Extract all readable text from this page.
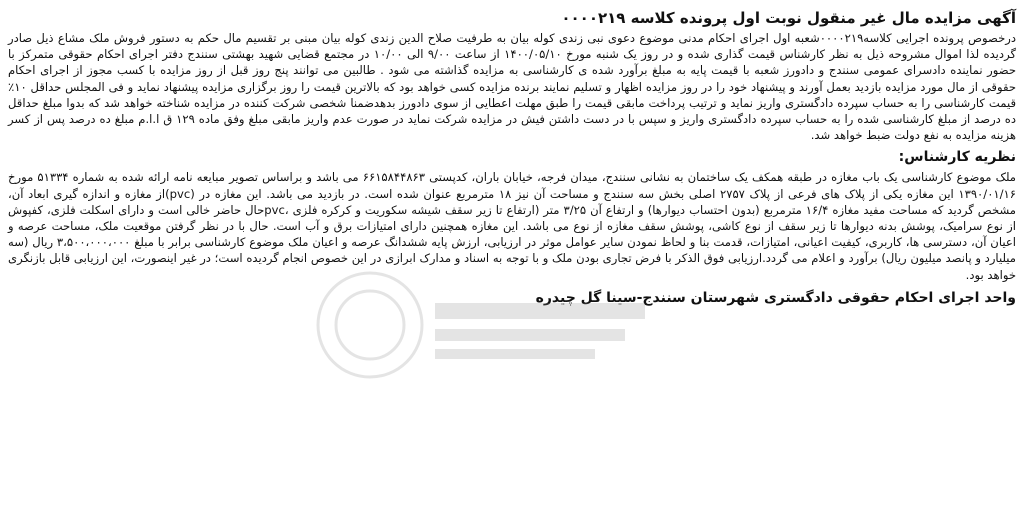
آگهی مزایده مال غیر منقول نوبت اول پرونده کلاسه ۰۰۰۰۲۱۹

درخصوص پرونده اجرایی کلاسه۰۰۰۰۲۱۹شعبه اول اجرای احکام مدنی موضوع دعوی نبی زندی کوله بیان به طرفیت صلاح الدین زندی کوله بیان مبنی بر تقسیم مال حکم به دستور فروش ملک مشاع ذیل صادر گردیده لذا اموال مشروحه ذیل به نظر کارشناس قیمت گذاری شده و در روز یک شنبه مورخ ۱۴۰۰/۰۵/۱۰ از ساعت ۹/۰۰ الی ۱۰/۰۰ در مجتمع قضایی شهید بهشتی سنندج دفتر اجرای احکام حقوقی متمرکز با حضور نماینده دادسرای عمومی سنندج و دادورز شعبه با قیمت پایه به مبلغ برآورد شده ی کارشناسی به مزایده گذاشته می شود . طالبین می توانند پنج روز قبل از روز مزایده با کسب مجوز از اجرای احکام حقوقی از مال مورد مزایده بازدید بعمل آورند و پیشنهاد خود را در روز مزایده اظهار و تسلیم نمایند برنده مزایده کسی خواهد بود که بالاترین قیمت را روز برگزاری مزایده پیشنهاد نماید و فی المجلس حداقل ۱۰٪ قیمت کارشناسی را به حساب سپرده دادگستری واریز نماید و ترتیب پرداخت مابقی قیمت را طبق مهلت اعطایی از سوی دادورز بدهدضمنا شخصی شرکت کننده در مزایده شناخته خواهد شد که بدوا مبلغ حداقل ده درصد از مبلغ کارشناسی شده را به حساب سپرده دادگستری واریز و سپس با در دست داشتن فیش در مزایده شرکت نماید در صورت عدم واریز مابقی مبلغ وفق ماده ۱۲۹ ق ا.ا.م مبلغ ده درصد پس از کسر هزینه مزایده به نفع دولت ضبط خواهد شد.

نظریه کارشناس:

ملک موضوع کارشناسی یک باب مغازه در طبقه همکف یک ساختمان به نشانی سنندج، میدان فرجه، خیابان باران، کدپستی ۶۶۱۵۸۴۴۸۶۳ می باشد و براساس تصویر مبایعه نامه ارائه شده به شماره ۵۱۳۳۴ مورخ ۱۳۹۰/۰۱/۱۶ این مغازه یکی از پلاک های فرعی از پلاک ۲۷۵۷ اصلی بخش سه سنندج و مساحت آن نیز ۱۸ مترمربع عنوان شده است. در بازدید می باشد. این مغازه در (pvc)از مغازه و اندازه گیری ابعاد آن، مشخص گردید که مساحت مفید مغازه ۱۶/۴ مترمربع (بدون احتساب دیوارها) و ارتفاع آن ۳/۲۵ متر (ارتفاع تا زیر سقف شیشه سکوریت و کرکره فلزی ،pvcحال حاضر خالی است و دارای اسکلت فلزی، کفپوش از نوع سرامیک، پوشش بدنه دیوارها تا زیر سقف از نوع کاشی، پوشش سقف مغازه از نوع می باشد. این مغازه همچنین دارای امتیازات برق و آب است. حال با در نظر گرفتن موقعیت ملک، مساحت عرصه و اعیان آن، دسترسی ها، کاربری، کیفیت اعیانی، امتیازات، قدمت بنا و لحاظ نمودن سایر عوامل موثر در ارزیابی، ارزش پایه ششدانگ عرصه و اعیان ملک موضوع کارشناسی برابر با مبلغ ۳،۵۰۰،۰۰۰،۰۰۰ ریال (سه میلیارد و پانصد میلیون ریال) برآورد و اعلام می گردد.ارزیابی فوق الذکر با فرض تجاری بودن ملک و با توجه به اسناد و مدارک ابرازی در این خصوص انجام گردیده است؛ در غیر اینصورت، این ارزیابی قابل بازنگری خواهد بود.

واحد اجرای احکام حقوقی دادگستری شهرستان سنندج-سینا گل چیدره
